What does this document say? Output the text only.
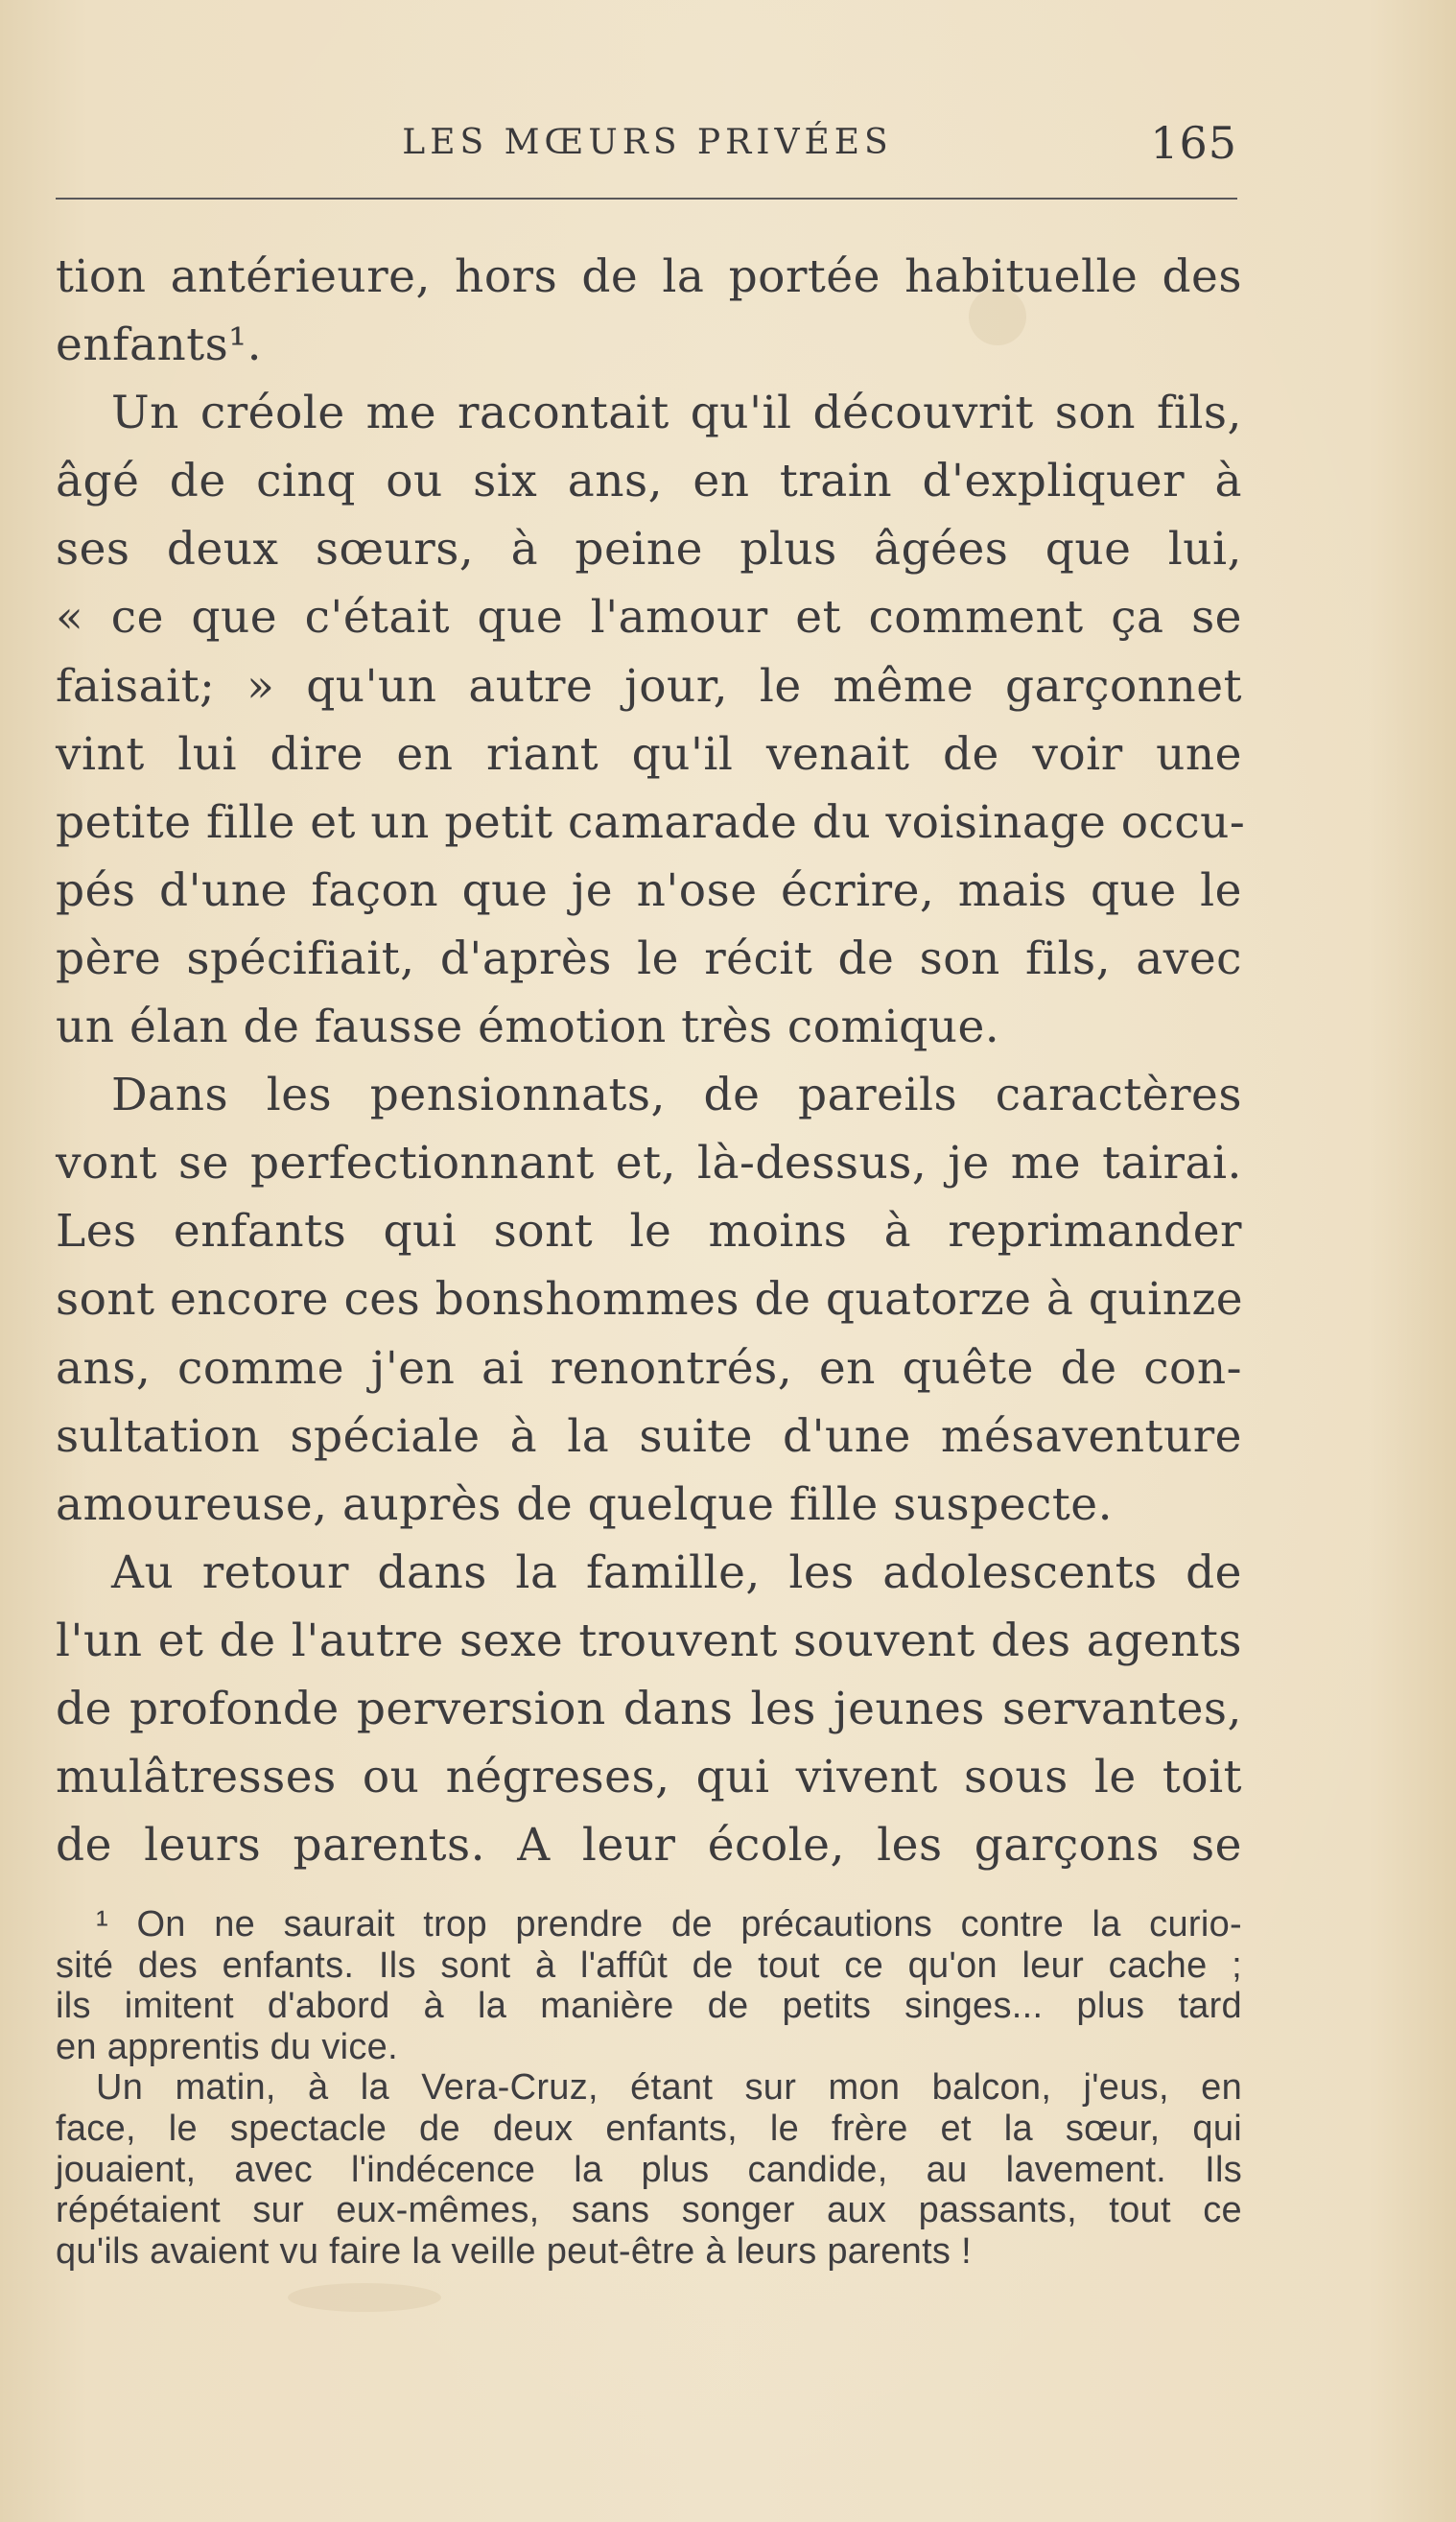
LES MŒURS PRIVÉES	165
tion antérieure, hors de la portée habituelle des
enfants¹.
Un créole me racontait qu'il découvrit son fils,
âgé de cinq ou six ans, en train d'expliquer à
ses deux sœurs, à peine plus âgées que lui,
« ce que c'était que l'amour et comment ça se
faisait; » qu'un autre jour, le même garçonnet
vint lui dire en riant qu'il venait de voir une
petite fille et un petit camarade du voisinage occu-
pés d'une façon que je n'ose écrire, mais que le
père spécifiait, d'après le récit de son fils, avec
un élan de fausse émotion très comique.
Dans les pensionnats, de pareils caractères
vont se perfectionnant et, là-dessus, je me tairai.
Les enfants qui sont le moins à reprimander
sont encore ces bonshommes de quatorze à quinze
ans, comme j'en ai renontrés, en quête de con-
sultation spéciale à la suite d'une mésaventure
amoureuse, auprès de quelque fille suspecte.
Au retour dans la famille, les adolescents de
l'un et de l'autre sexe trouvent souvent des agents
de profonde perversion dans les jeunes servantes,
mulâtresses ou négreses, qui vivent sous le toit
de leurs parents. A leur école, les garçons se
¹ On ne saurait trop prendre de précautions contre la curio-
sité des enfants. Ils sont à l'affût de tout ce qu'on leur cache ;
ils imitent d'abord à la manière de petits singes... plus tard
en apprentis du vice.
Un matin, à la Vera-Cruz, étant sur mon balcon, j'eus, en
face, le spectacle de deux enfants, le frère et la sœur, qui
jouaient, avec l'indécence la plus candide, au lavement. Ils
répétaient sur eux-mêmes, sans songer aux passants, tout ce
qu'ils avaient vu faire la veille peut-être à leurs parents !
